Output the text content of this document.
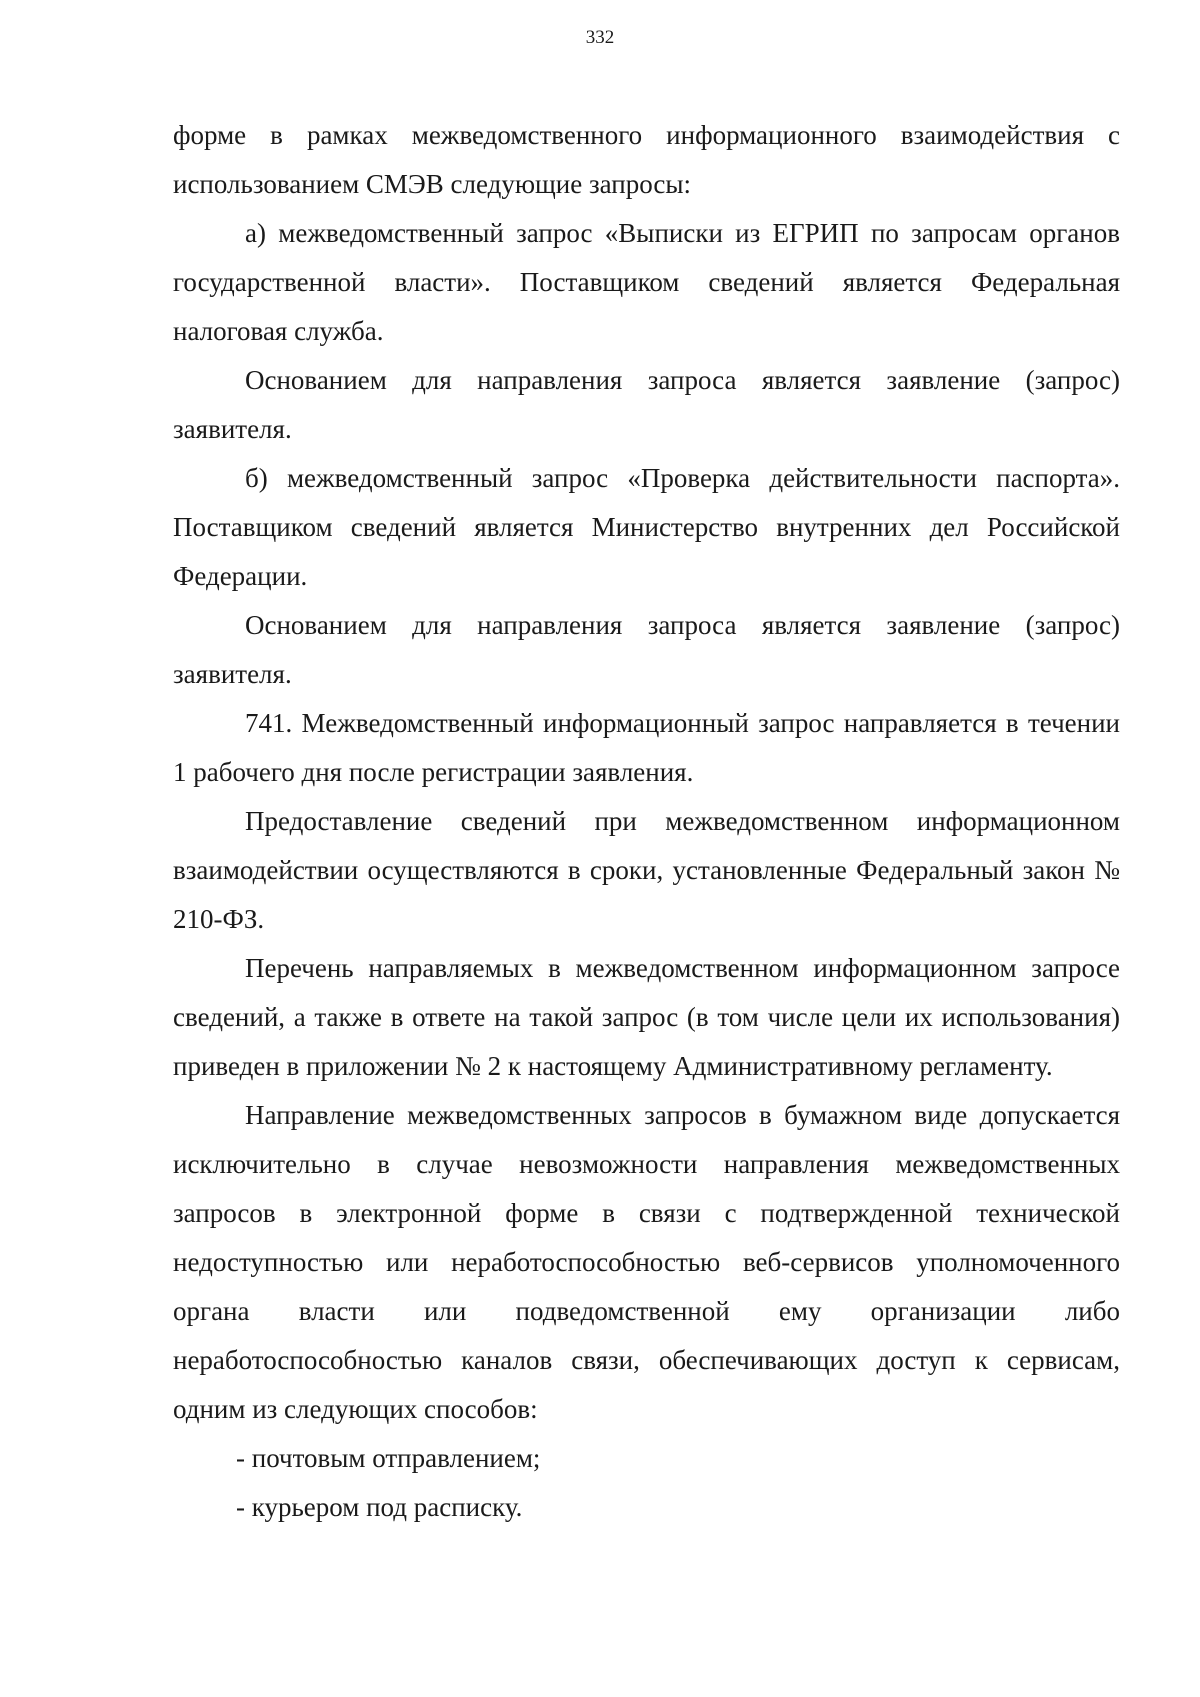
332

форме в рамках межведомственного информационного взаимодействия с использованием СМЭВ следующие запросы:

а) межведомственный запрос «Выписки из ЕГРИП по запросам органов государственной власти». Поставщиком сведений является Федеральная налоговая служба.

Основанием для направления запроса является заявление (запрос) заявителя.

б) межведомственный запрос «Проверка действительности паспорта». Поставщиком сведений является Министерство внутренних дел Российской Федерации.

Основанием для направления запроса является заявление (запрос) заявителя.

741. Межведомственный информационный запрос направляется в течении 1 рабочего дня после регистрации заявления.

Предоставление сведений при межведомственном информационном взаимодействии осуществляются в сроки, установленные Федеральный закон № 210-ФЗ.

Перечень направляемых в межведомственном информационном запросе сведений, а также в ответе на такой запрос (в том числе цели их использования) приведен в приложении № 2 к настоящему Административному регламенту.

Направление межведомственных запросов в бумажном виде допускается исключительно в случае невозможности направления межведомственных запросов в электронной форме в связи с подтвержденной технической недоступностью или неработоспособностью веб-сервисов уполномоченного органа власти или подведомственной ему организации либо неработоспособностью каналов связи, обеспечивающих доступ к сервисам, одним из следующих способов:

- почтовым отправлением;

- курьером под расписку.
